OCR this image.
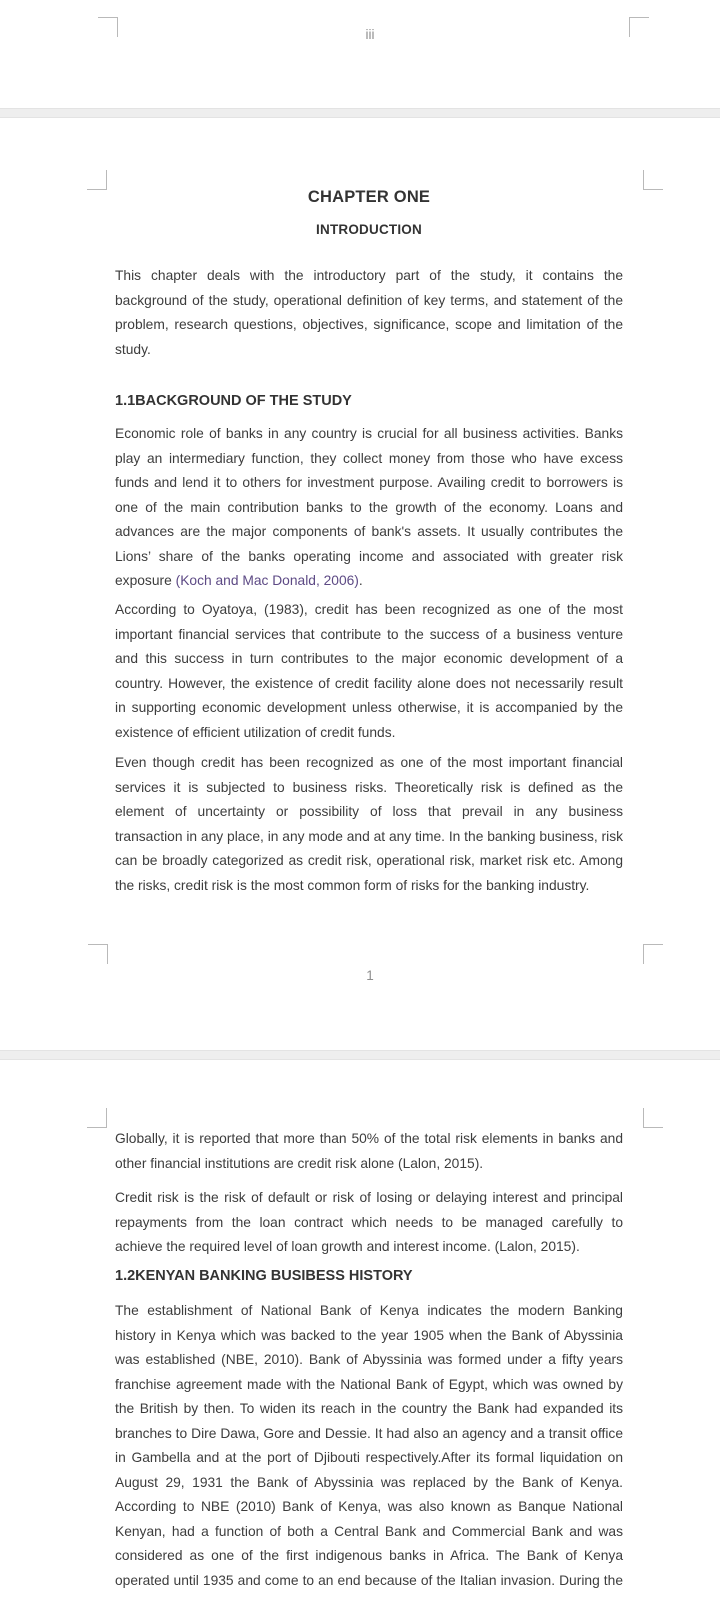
iii
CHAPTER ONE
INTRODUCTION
This chapter deals with the introductory part of the study, it contains the
background of the study, operational definition of key terms, and statement of the
problem, research questions, objectives, significance, scope and limitation of the
study.
1.1BACKGROUND OF THE STUDY
Economic role of banks in any country is crucial for all business activities. Banks
play an intermediary function, they collect money from those who have excess
funds and lend it to others for investment purpose. Availing credit to borrowers is
one of the main contribution banks to the growth of the economy. Loans and
advances are the major components of bank's assets. It usually contributes the
Lions’ share of the banks operating income and associated with greater risk
exposure (Koch and Mac Donald, 2006).
According to Oyatoya, (1983), credit has been recognized as one of the most
important financial services that contribute to the success of a business venture
and this success in turn contributes to the major economic development of a
country. However, the existence of credit facility alone does not necessarily result
in supporting economic development unless otherwise, it is accompanied by the
existence of efficient utilization of credit funds.
Even though credit has been recognized as one of the most important financial
services it is subjected to business risks. Theoretically risk is defined as the
element of uncertainty or possibility of loss that prevail in any business
transaction in any place, in any mode and at any time. In the banking business, risk
can be broadly categorized as credit risk, operational risk, market risk etc. Among
the risks, credit risk is the most common form of risks for the banking industry.
1
Globally, it is reported that more than 50% of the total risk elements in banks and
other financial institutions are credit risk alone (Lalon, 2015).
Credit risk is the risk of default or risk of losing or delaying interest and principal
repayments from the loan contract which needs to be managed carefully to
achieve the required level of loan growth and interest income. (Lalon, 2015).
1.2KENYAN BANKING BUSIBESS HISTORY
The establishment of National Bank of Kenya indicates the modern Banking
history in Kenya which was backed to the year 1905 when the Bank of Abyssinia
was established (NBE, 2010). Bank of Abyssinia was formed under a fifty years
franchise agreement made with the National Bank of Egypt, which was owned by
the British by then. To widen its reach in the country the Bank had expanded its
branches to Dire Dawa, Gore and Dessie. It had also an agency and a transit office
in Gambella and at the port of Djibouti respectively.After its formal liquidation on
August 29, 1931 the Bank of Abyssinia was replaced by the Bank of Kenya.
According to NBE (2010) Bank of Kenya, was also known as Banque National
Kenyan, had a function of both a Central Bank and Commercial Bank and was
considered as one of the first indigenous banks in Africa. The Bank of Kenya
operated until 1935 and come to an end because of the Italian invasion. During the
